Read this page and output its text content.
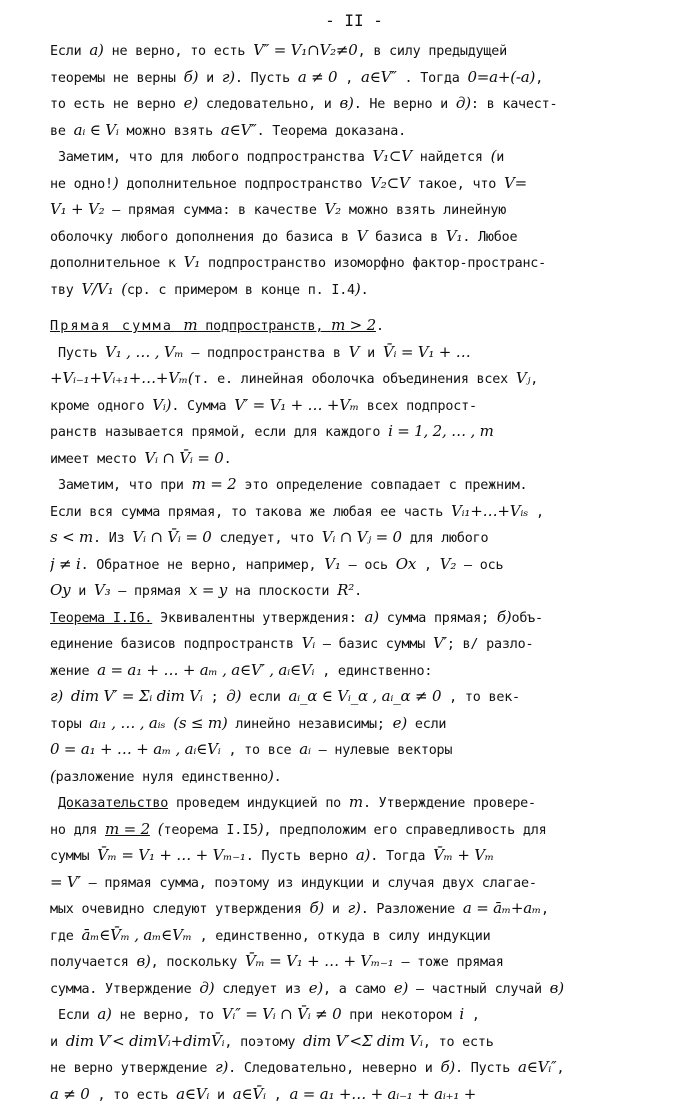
- II -
Если а) не верно, то есть V″ = V₁∩V₂≠0, в силу предыдущей
теоремы не верны б) и г). Пусть a ≠ 0 , a∈V″ . Тогда 0=a+(-a),
то есть не верно е) следовательно, и в). Не верно и д): в качест-
ве aᵢ ∈ Vᵢ можно взять a∈V″. Теорема доказана.
Заметим, что для любого подпространства V₁⊂V найдется (и
не одно!) дополнительное подпространство V₂⊂V такое, что V=
V₁ + V₂ – прямая сумма: в качестве V₂ можно взять линейную
оболочку любого дополнения до базиса в V базиса в V₁. Любое
дополнительное к V₁ подпространство изоморфно фактор-пространс-
тву V/V₁ (ср. с примером в конце п. I.4).
Прямая сумма m подпространств, m > 2.
Пусть V₁ , … , Vₘ – подпространства в V и V̄ᵢ = V₁ + …
+Vᵢ₋₁+Vᵢ₊₁+…+Vₘ(т. е. линейная оболочка объединения всех Vⱼ,
кроме одного Vᵢ). Сумма V′ = V₁ + … +Vₘ всех подпрост-
ранств называется прямой, если для каждого i = 1, 2, … , m
имеет место Vᵢ ∩ V̄ᵢ = 0.
Заметим, что при m = 2 это определение совпадает с прежним.
Если вся сумма прямая, то такова же любая ее часть Vᵢ₁+…+Vᵢₛ ,
s < m. Из Vᵢ ∩ V̄ᵢ = 0 следует, что Vᵢ ∩ Vⱼ = 0 для любого
j ≠ i. Обратное не верно, например, V₁ – ось Ox , V₂ – ось
Oy и V₃ – прямая x = y на плоскости R².
Теорема I.I6. Эквивалентны утверждения: а) сумма прямая; б)объ-
единение базисов подпространств Vᵢ – базис суммы V′; в/ разло-
жение a = a₁ + … + aₘ , a∈V′ , aᵢ∈Vᵢ , единственно:
г) dim V′ = Σᵢ dim Vᵢ ; д) если aᵢ_α ∈ Vᵢ_α , aᵢ_α ≠ 0 , то век-
торы aᵢ₁ , … , aᵢₛ (s ≤ m) линейно независимы; е) если
0 = a₁ + … + aₘ , aᵢ∈Vᵢ , то все aᵢ – нулевые векторы
(разложение нуля единственно).
Доказательство проведем индукцией по m. Утверждение провере-
но для m = 2 (теорема I.I5), предположим его справедливость для
суммы V̄ₘ = V₁ + … + Vₘ₋₁. Пусть верно а). Тогда V̄ₘ + Vₘ
= V′ – прямая сумма, поэтому из индукции и случая двух слагае-
мых очевидно следуют утверждения б) и г). Разложение a = āₘ+aₘ,
где āₘ∈V̄ₘ , aₘ∈Vₘ , единственно, откуда в силу индукции
получается в), поскольку V̄ₘ = V₁ + … + Vₘ₋₁ – тоже прямая
сумма. Утверждение д) следует из е), а само е) – частный случай в)
Если а) не верно, то Vᵢ″ = Vᵢ ∩ V̄ᵢ ≠ 0 при некотором i ,
и dim V′< dimVᵢ+dimV̄ᵢ, поэтому dim V′<Σ dim Vᵢ, то есть
не верно утверждение г). Следовательно, неверно и б). Пусть a∈Vᵢ″,
a ≠ 0 , то есть a∈Vᵢ и a∈V̄ᵢ , a = a₁ +… + aᵢ₋₁ + aᵢ₊₁ +
